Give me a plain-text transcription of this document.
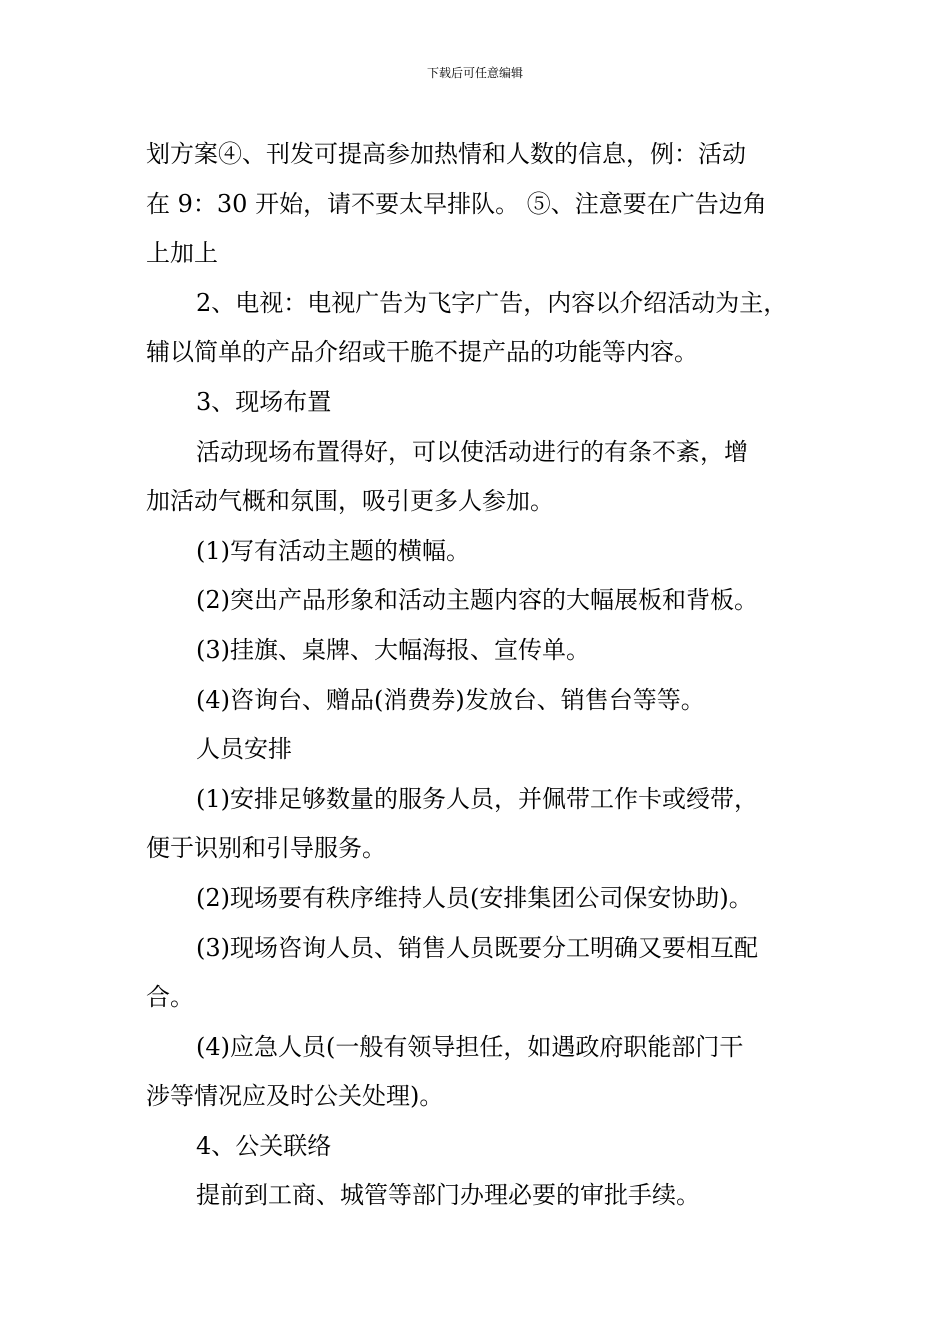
下载后可任意编辑

划方案④、刊发可提高参加热情和人数的信息，例：活动

在 9：30 开始，请不要太早排队。 ⑤、注意要在广告边角

上加上

2、电视：电视广告为飞字广告，内容以介绍活动为主，

辅以简单的产品介绍或干脆不提产品的功能等内容。

3、现场布置

活动现场布置得好，可以使活动进行的有条不紊，增

加活动气概和氛围，吸引更多人参加。

(1)写有活动主题的横幅。

(2)突出产品形象和活动主题内容的大幅展板和背板。

(3)挂旗、桌牌、大幅海报、宣传单。

(4)咨询台、赠品(消费券)发放台、销售台等等。

人员安排

(1)安排足够数量的服务人员，并佩带工作卡或绶带，

便于识别和引导服务。

(2)现场要有秩序维持人员(安排集团公司保安协助)。

(3)现场咨询人员、销售人员既要分工明确又要相互配

合。

(4)应急人员(一般有领导担任，如遇政府职能部门干

涉等情况应及时公关处理)。

4、公关联络

提前到工商、城管等部门办理必要的审批手续。
